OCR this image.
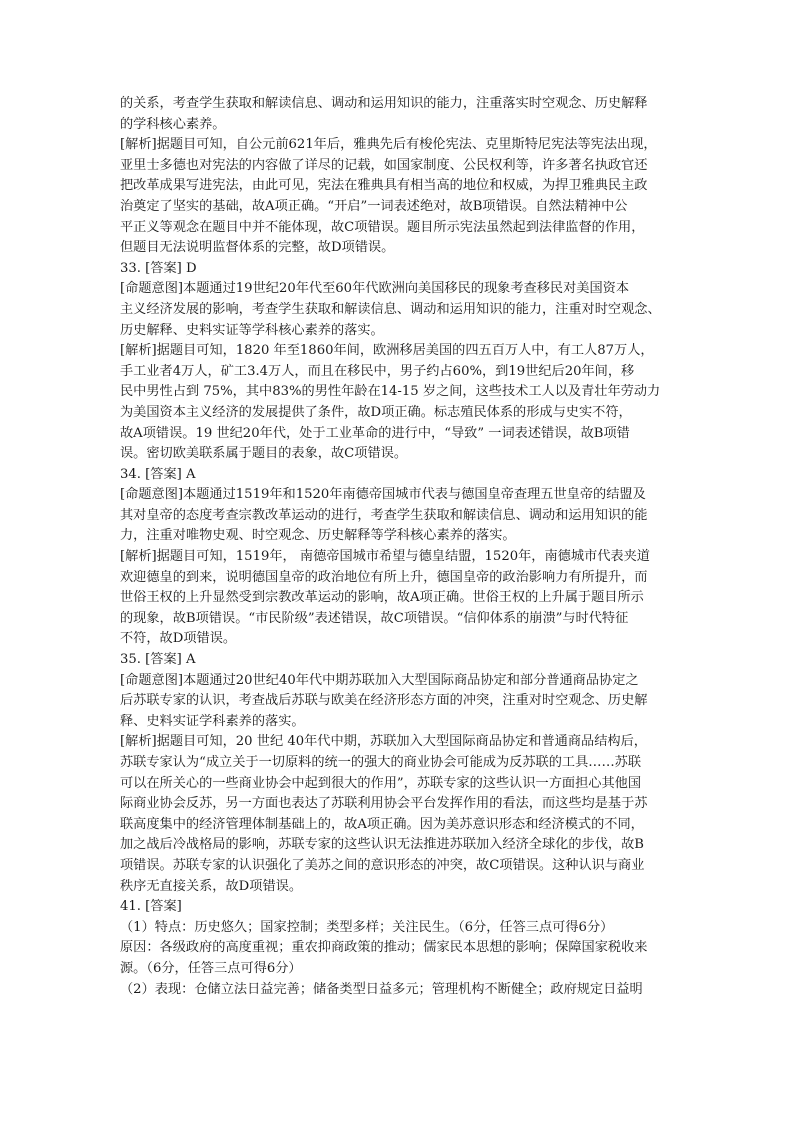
的关系，考查学生获取和解读信息、调动和运用知识的能力，注重落实时空观念、历史解释
的学科核心素养。
[解析]据题目可知，自公元前621年后，雅典先后有梭伦宪法、克里斯特尼宪法等宪法出现，
亚里士多德也对宪法的内容做了详尽的记载，如国家制度、公民权利等，许多著名执政官还
把改革成果写进宪法，由此可见，宪法在雅典具有相当高的地位和权威，为捍卫雅典民主政
治奠定了坚实的基础，故A项正确。“开启”一词表述绝对，故B项错误。自然法精神中公
平正义等观念在题目中并不能体现，故C项错误。题目所示宪法虽然起到法律监督的作用，
但题目无法说明监督体系的完整，故D项错误。
33. [答案] D
[命题意图]本题通过19世纪20年代至60年代欧洲向美国移民的现象考查移民对美国资本
主义经济发展的影响，考查学生获取和解读信息、调动和运用知识的能力，注重对时空观念、
历史解释、史料实证等学科核心素养的落实。
[解析]据题目可知，1820 年至1860年间，欧洲移居美国的四五百万人中，有工人87万人，
手工业者4万人，矿工3.4万人，而且在移民中，男子约占60%，到19世纪后20年间，移
民中男性占到 75%，其中83%的男性年龄在14-15 岁之间，这些技术工人以及青壮年劳动力
为美国资本主义经济的发展提供了条件，故D项正确。标志殖民体系的形成与史实不符，
故A项错误。19 世纪20年代，处于工业革命的进行中，“导致” 一词表述错误，故B项错
误。密切欧美联系属于题目的表象，故C项错误。
34. [答案] A
[命题意图]本题通过1519年和1520年南德帝国城市代表与德国皇帝查理五世皇帝的结盟及
其对皇帝的态度考查宗教改革运动的进行，考查学生获取和解读信息、调动和运用知识的能
力，注重对唯物史观、时空观念、历史解释等学科核心素养的落实。
[解析]据题目可知，1519年， 南德帝国城市希望与德皇结盟，1520年，南德城市代表夹道
欢迎德皇的到来，说明德国皇帝的政治地位有所上升，德国皇帝的政治影响力有所提升，而
世俗王权的上升显然受到宗教改革运动的影响，故A项正确。世俗王权的上升属于题目所示
的现象，故B项错误。“市民阶级”表述错误，故C项错误。“信仰体系的崩溃”与时代特征
不符，故D项错误。
35. [答案] A
[命题意图]本题通过20世纪40年代中期苏联加入大型国际商品协定和部分普通商品协定之
后苏联专家的认识，考查战后苏联与欧美在经济形态方面的冲突，注重对时空观念、历史解
释、史料实证学科素养的落实。
[解析]据题目可知，20 世纪 40年代中期，苏联加入大型国际商品协定和普通商品结构后，
苏联专家认为“成立关于一切原料的统一的强大的商业协会可能成为反苏联的工具……苏联
可以在所关心的一些商业协会中起到很大的作用”，苏联专家的这些认识一方面担心其他国
际商业协会反苏，另一方面也表达了苏联利用协会平台发挥作用的看法，而这些均是基于苏
联高度集中的经济管理体制基础上的，故A项正确。因为美苏意识形态和经济模式的不同，
加之战后冷战格局的影响，苏联专家的这些认识无法推进苏联加入经济全球化的步伐，故B
项错误。苏联专家的认识强化了美苏之间的意识形态的冲突，故C项错误。这种认识与商业
秩序无直接关系，故D项错误。
41. [答案]
（1）特点：历史悠久；国家控制；类型多样；关注民生。（6分，任答三点可得6分）
原因：各级政府的高度重视；重农抑商政策的推动；儒家民本思想的影响；保障国家税收来
源。（6分，任答三点可得6分）
（2）表现：仓储立法日益完善；储备类型日益多元；管理机构不断健全；政府规定日益明
